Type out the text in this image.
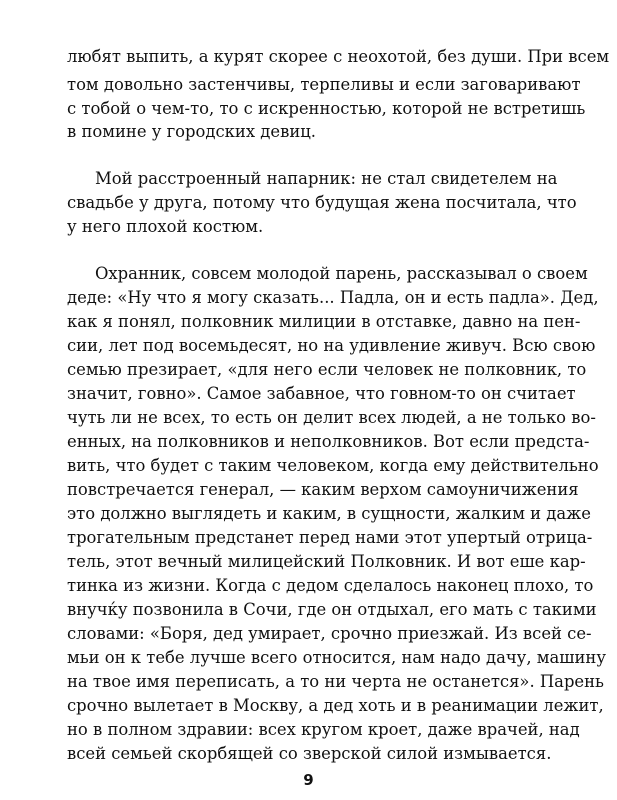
любят выпить, а курят скорее с неохотой, без души. При всем
том довольно застенчивы, терпеливы и если заговаривают
с тобой о чем-то, то с искренностью, которой не встретишь
в помине у городских девиц.
Мой расстроенный напарник: не стал свидетелем на
свадьбе у друга, потому что будущая жена посчитала, что
у него плохой костюм.
Охранник, совсем молодой парень, рассказывал о своем
деде: «Ну что я могу сказать... Падла, он и есть падла». Дед,
как я понял, полковник милиции в отставке, давно на пен-
сии, лет под восемьдесят, но на удивление живуч. Всю свою
семью презирает, «для него если человек не полковник, то
значит, говно». Самое забавное, что говном-то он считает
чуть ли не всех, то есть он делит всех людей, а не только во-
енных, на полковников и неполковников. Вот если предста-
вить, что будет с таким человеком, когда ему действительно
повстречается генерал, — каким верхом самоуничижения
это должно выглядеть и каким, в сущности, жалким и даже
трогательным предстанет перед нами этот упертый отрица-
тель, этот вечный милицейский Полковник. И вот еше кар-
тинка из жизни. Когда с дедом сделалось наконец плохо, то
внучќу позвонила в Сочи, где он отдыхал, его мать с такими
словами: «Боря, дед умирает, срочно приезжай. Из всей се-
мьи он к тебе лучше всего относится, нам надо дачу, машину
на твое имя переписать, а то ни черта не останется». Парень
срочно вылетает в Москву, а дед хоть и в реанимации лежит,
но в полном здравии: всех кругом кроет, даже врачей, над
всей семьей скорбящей со зверской силой измывается.
9
